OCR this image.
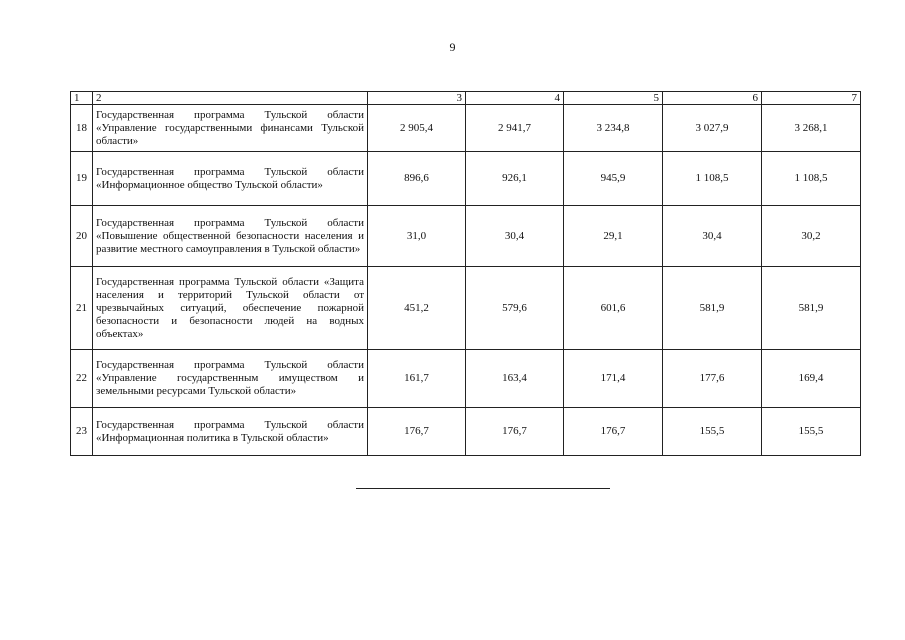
9
1	2	3	4	5	6	7
18	Государственная программа Тульской области «Управление государственными финансами Тульской области»	2 905,4	2 941,7	3 234,8	3 027,9	3 268,1
19	Государственная программа Тульской области «Информационное общество Тульской области»	896,6	926,1	945,9	1 108,5	1 108,5
20	Государственная программа Тульской области «Повышение общественной безопасности населения и развитие местного самоуправления в Тульской области»	31,0	30,4	29,1	30,4	30,2
21	Государственная программа Тульской области «Защита населения и территорий Тульской области от чрезвычайных ситуаций, обеспечение пожарной безопасности и безопасности людей на водных объектах»	451,2	579,6	601,6	581,9	581,9
22	Государственная программа Тульской области «Управление государственным имуществом и земельными ресурсами Тульской области»	161,7	163,4	171,4	177,6	169,4
23	Государственная программа Тульской области «Информационная политика в Тульской области»	176,7	176,7	176,7	155,5	155,5
